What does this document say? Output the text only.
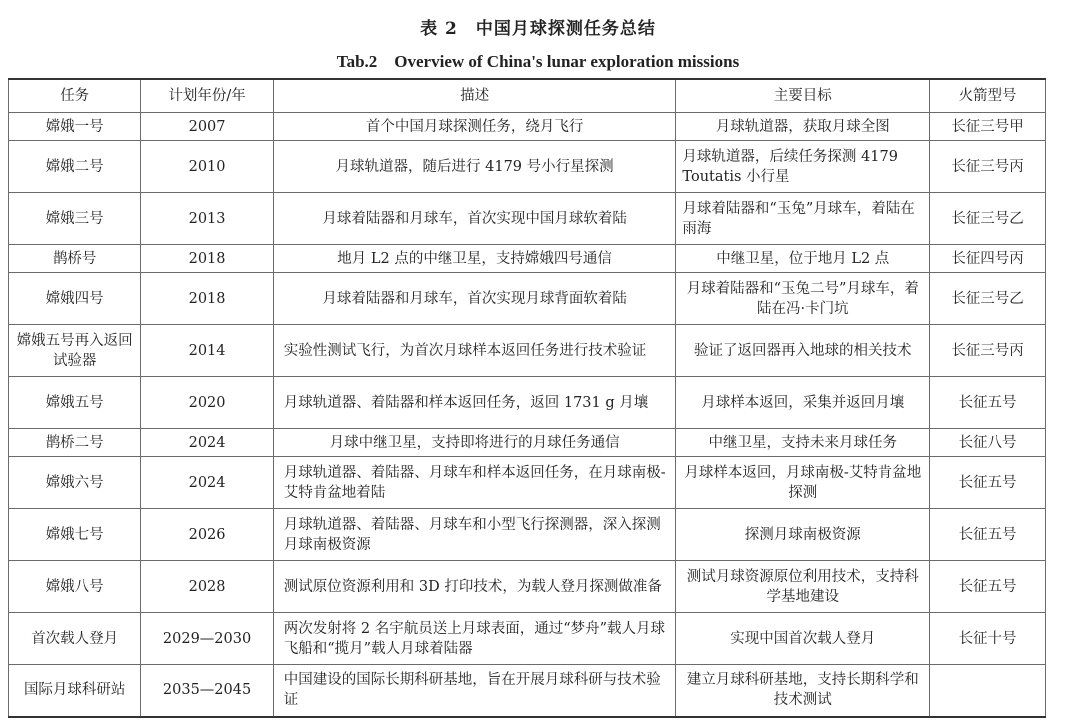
表 2　中国月球探测任务总结
Tab.2　Overview of China's lunar exploration missions
任务	计划年份/年	描述	主要目标	火箭型号
嫦娥一号	2007	首个中国月球探测任务，绕月飞行	月球轨道器，获取月球全图	长征三号甲
嫦娥二号	2010	月球轨道器，随后进行 4179 号小行星探测	月球轨道器，后续任务探测 4179 Toutatis 小行星	长征三号丙
嫦娥三号	2013	月球着陆器和月球车，首次实现中国月球软着陆	月球着陆器和“玉兔”月球车，着陆在雨海	长征三号乙
鹊桥号	2018	地月 L2 点的中继卫星，支持嫦娥四号通信	中继卫星，位于地月 L2 点	长征四号丙
嫦娥四号	2018	月球着陆器和月球车，首次实现月球背面软着陆	月球着陆器和“玉兔二号”月球车，着陆在冯·卡门坑	长征三号乙
嫦娥五号再入返回试验器	2014	实验性测试飞行，为首次月球样本返回任务进行技术验证	验证了返回器再入地球的相关技术	长征三号丙
嫦娥五号	2020	月球轨道器、着陆器和样本返回任务，返回 1731 g 月壤	月球样本返回，采集并返回月壤	长征五号
鹊桥二号	2024	月球中继卫星，支持即将进行的月球任务通信	中继卫星，支持未来月球任务	长征八号
嫦娥六号	2024	月球轨道器、着陆器、月球车和样本返回任务，在月球南极-艾特肯盆地着陆	月球样本返回，月球南极-艾特肯盆地探测	长征五号
嫦娥七号	2026	月球轨道器、着陆器、月球车和小型飞行探测器，深入探测月球南极资源	探测月球南极资源	长征五号
嫦娥八号	2028	测试原位资源利用和 3D 打印技术，为载人登月探测做准备	测试月球资源原位利用技术，支持科学基地建设	长征五号
首次载人登月	2029—2030	两次发射将 2 名宇航员送上月球表面，通过“梦舟”载人月球飞船和“揽月”载人月球着陆器	实现中国首次载人登月	长征十号
国际月球科研站	2035—2045	中国建设的国际长期科研基地，旨在开展月球科研与技术验证	建立月球科研基地，支持长期科学和技术测试	
